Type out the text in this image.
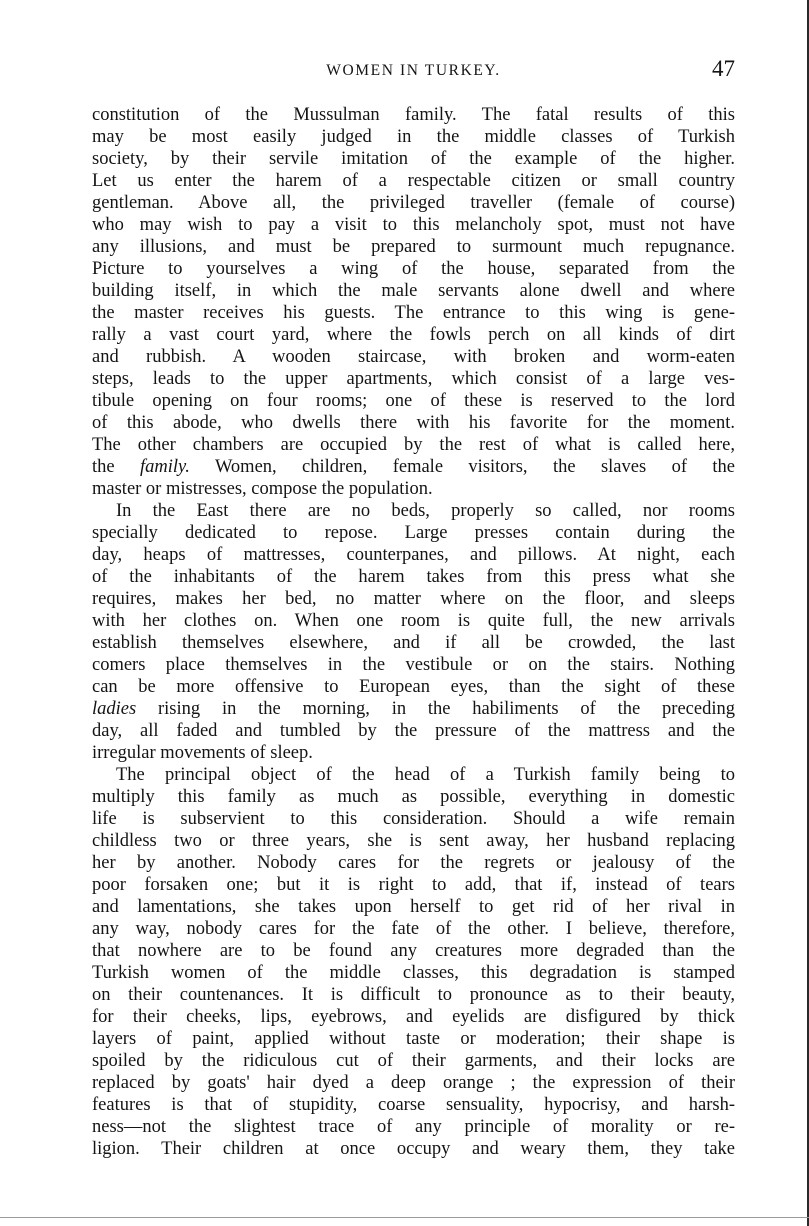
WOMEN IN TURKEY.	47
constitution of the Mussulman family. The fatal results of this
may be most easily judged in the middle classes of Turkish
society, by their servile imitation of the example of the higher.
Let us enter the harem of a respectable citizen or small country
gentleman. Above all, the privileged traveller (female of course)
who may wish to pay a visit to this melancholy spot, must not have
any illusions, and must be prepared to surmount much repugnance.
Picture to yourselves a wing of the house, separated from the
building itself, in which the male servants alone dwell and where
the master receives his guests. The entrance to this wing is gene-
rally a vast court yard, where the fowls perch on all kinds of dirt
and rubbish. A wooden staircase, with broken and worm-eaten
steps, leads to the upper apartments, which consist of a large ves-
tibule opening on four rooms; one of these is reserved to the lord
of this abode, who dwells there with his favorite for the moment.
The other chambers are occupied by the rest of what is called here,
the family. Women, children, female visitors, the slaves of the
master or mistresses, compose the population.
In the East there are no beds, properly so called, nor rooms
specially dedicated to repose. Large presses contain during the
day, heaps of mattresses, counterpanes, and pillows. At night, each
of the inhabitants of the harem takes from this press what she
requires, makes her bed, no matter where on the floor, and sleeps
with her clothes on. When one room is quite full, the new arrivals
establish themselves elsewhere, and if all be crowded, the last
comers place themselves in the vestibule or on the stairs. Nothing
can be more offensive to European eyes, than the sight of these
ladies rising in the morning, in the habiliments of the preceding
day, all faded and tumbled by the pressure of the mattress and the
irregular movements of sleep.
The principal object of the head of a Turkish family being to
multiply this family as much as possible, everything in domestic
life is subservient to this consideration. Should a wife remain
childless two or three years, she is sent away, her husband replacing
her by another. Nobody cares for the regrets or jealousy of the
poor forsaken one; but it is right to add, that if, instead of tears
and lamentations, she takes upon herself to get rid of her rival in
any way, nobody cares for the fate of the other. I believe, therefore,
that nowhere are to be found any creatures more degraded than the
Turkish women of the middle classes, this degradation is stamped
on their countenances. It is difficult to pronounce as to their beauty,
for their cheeks, lips, eyebrows, and eyelids are disfigured by thick
layers of paint, applied without taste or moderation; their shape is
spoiled by the ridiculous cut of their garments, and their locks are
replaced by goats' hair dyed a deep orange ; the expression of their
features is that of stupidity, coarse sensuality, hypocrisy, and harsh-
ness—not the slightest trace of any principle of morality or re-
ligion. Their children at once occupy and weary them, they take
